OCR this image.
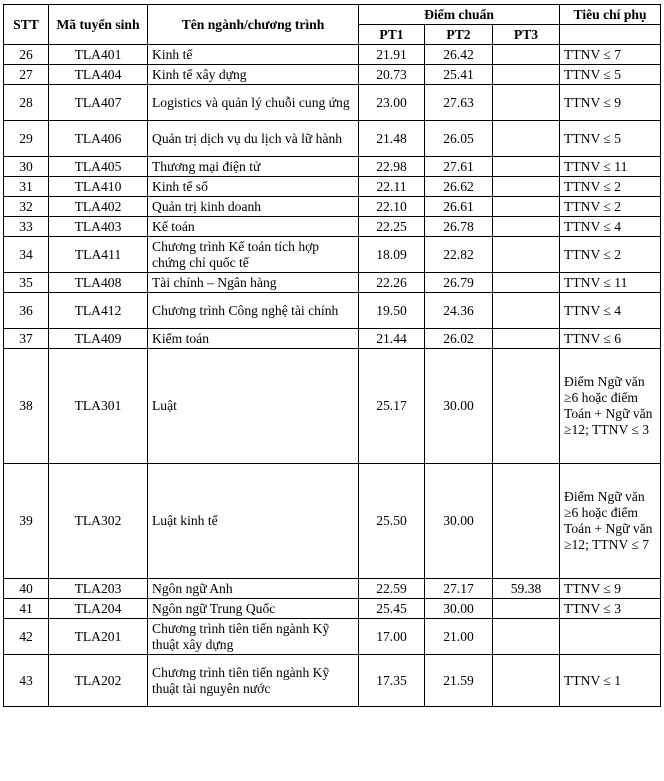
STT	Mã tuyển sinh	Tên ngành/chương trình	Điểm chuẩn			Tiêu chí phụ
			PT1	PT2	PT3	
26	TLA401	Kinh tế	21.91	26.42		TTNV ≤ 7
27	TLA404	Kinh tế xây dựng	20.73	25.41		TTNV ≤ 5
28	TLA407	Logistics và quản lý chuỗi cung ứng	23.00	27.63		TTNV ≤ 9
29	TLA406	Quản trị dịch vụ du lịch và lữ hành	21.48	26.05		TTNV ≤ 5
30	TLA405	Thương mại điện tử	22.98	27.61		TTNV ≤ 11
31	TLA410	Kinh tế số	22.11	26.62		TTNV ≤ 2
32	TLA402	Quản trị kinh doanh	22.10	26.61		TTNV ≤ 2
33	TLA403	Kế toán	22.25	26.78		TTNV ≤ 4
34	TLA411	Chương trình Kế toán tích hợp chứng chỉ quốc tế	18.09	22.82		TTNV ≤ 2
35	TLA408	Tài chính – Ngân hàng	22.26	26.79		TTNV ≤ 11
36	TLA412	Chương trình Công nghệ tài chính	19.50	24.36		TTNV ≤ 4
37	TLA409	Kiểm toán	21.44	26.02		TTNV ≤ 6
38	TLA301	Luật	25.17	30.00		Điểm Ngữ văn ≥6 hoặc điểm Toán + Ngữ văn ≥12; TTNV ≤ 3
39	TLA302	Luật kinh tế	25.50	30.00		Điểm Ngữ văn ≥6 hoặc điểm Toán + Ngữ văn ≥12; TTNV ≤ 7
40	TLA203	Ngôn ngữ Anh	22.59	27.17	59.38	TTNV ≤ 9
41	TLA204	Ngôn ngữ Trung Quốc	25.45	30.00		TTNV ≤ 3
42	TLA201	Chương trình tiên tiến ngành Kỹ thuật xây dựng	17.00	21.00		
43	TLA202	Chương trình tiên tiến ngành Kỹ thuật tài nguyên nước	17.35	21.59		TTNV ≤ 1
